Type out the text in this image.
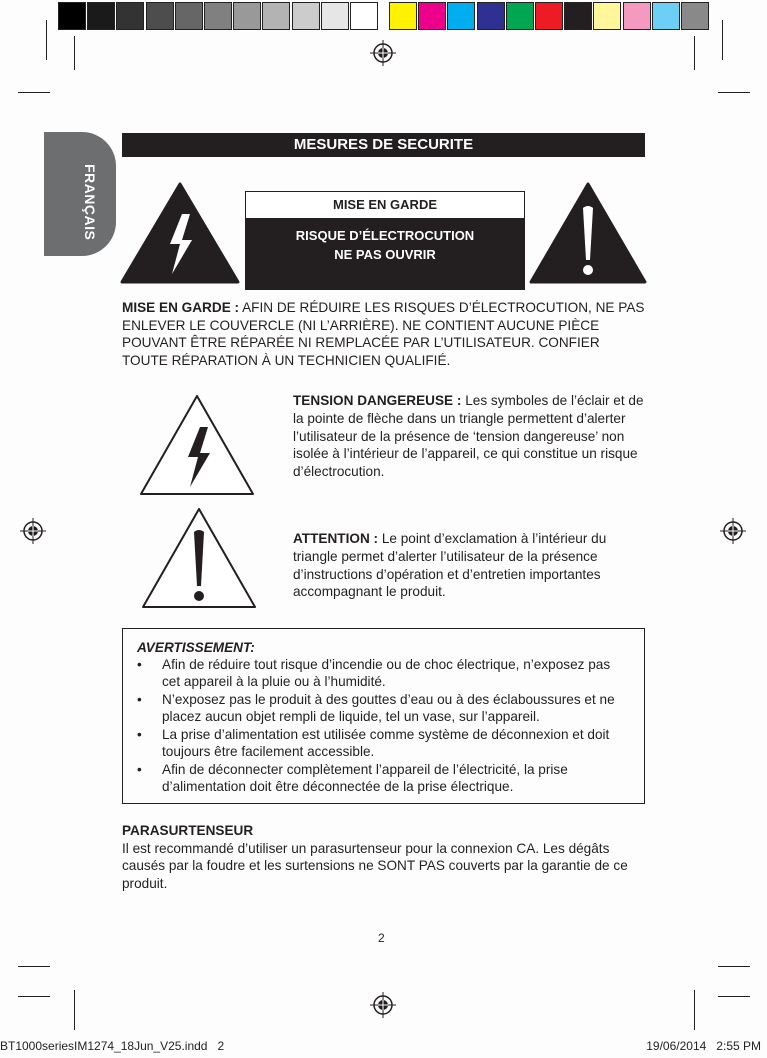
FRANÇAIS
MESURES DE SECURITE
MISE EN GARDE
RISQUE D’ÉLECTROCUTION
NE PAS OUVRIR
MISE EN GARDE : AFIN DE RÉDUIRE LES RISQUES D’ÉLECTROCUTION, NE PAS ENLEVER LE COUVERCLE (NI L’ARRIÈRE). NE CONTIENT AUCUNE PIÈCE POUVANT ÊTRE RÉPARÉE NI REMPLACÉE PAR L’UTILISATEUR. CONFIER TOUTE RÉPARATION À UN TECHNICIEN QUALIFIÉ.
TENSION DANGEREUSE : Les symboles de l’éclair et de la pointe de flèche dans un triangle permettent d’alerter l’utilisateur de la présence de ‘tension dangereuse’ non isolée à l’intérieur de l’appareil, ce qui constitue un risque d’électrocution.
ATTENTION : Le point d’exclamation à l’intérieur du triangle permet d’alerter l’utilisateur de la présence d’instructions d’opération et d’entretien importantes accompagnant le produit.
AVERTISSEMENT:
• Afin de réduire tout risque d’incendie ou de choc électrique, n’exposez pas cet appareil à la pluie ou à l’humidité.
• N’exposez pas le produit à des gouttes d’eau ou à des éclaboussures et ne placez aucun objet rempli de liquide, tel un vase, sur l’appareil.
• La prise d’alimentation est utilisée comme système de déconnexion et doit toujours être facilement accessible.
• Afin de déconnecter complètement l’appareil de l’électricité, la prise d’alimentation doit être déconnectée de la prise électrique.
PARASURTENSEUR
Il est recommandé d’utiliser un parasurtenseur pour la connexion CA. Les dégâts causés par la foudre et les surtensions ne SONT PAS couverts par la garantie de ce produit.
2
BT1000seriesIM1274_18Jun_V25.indd   2	19/06/2014   2:55 PM
